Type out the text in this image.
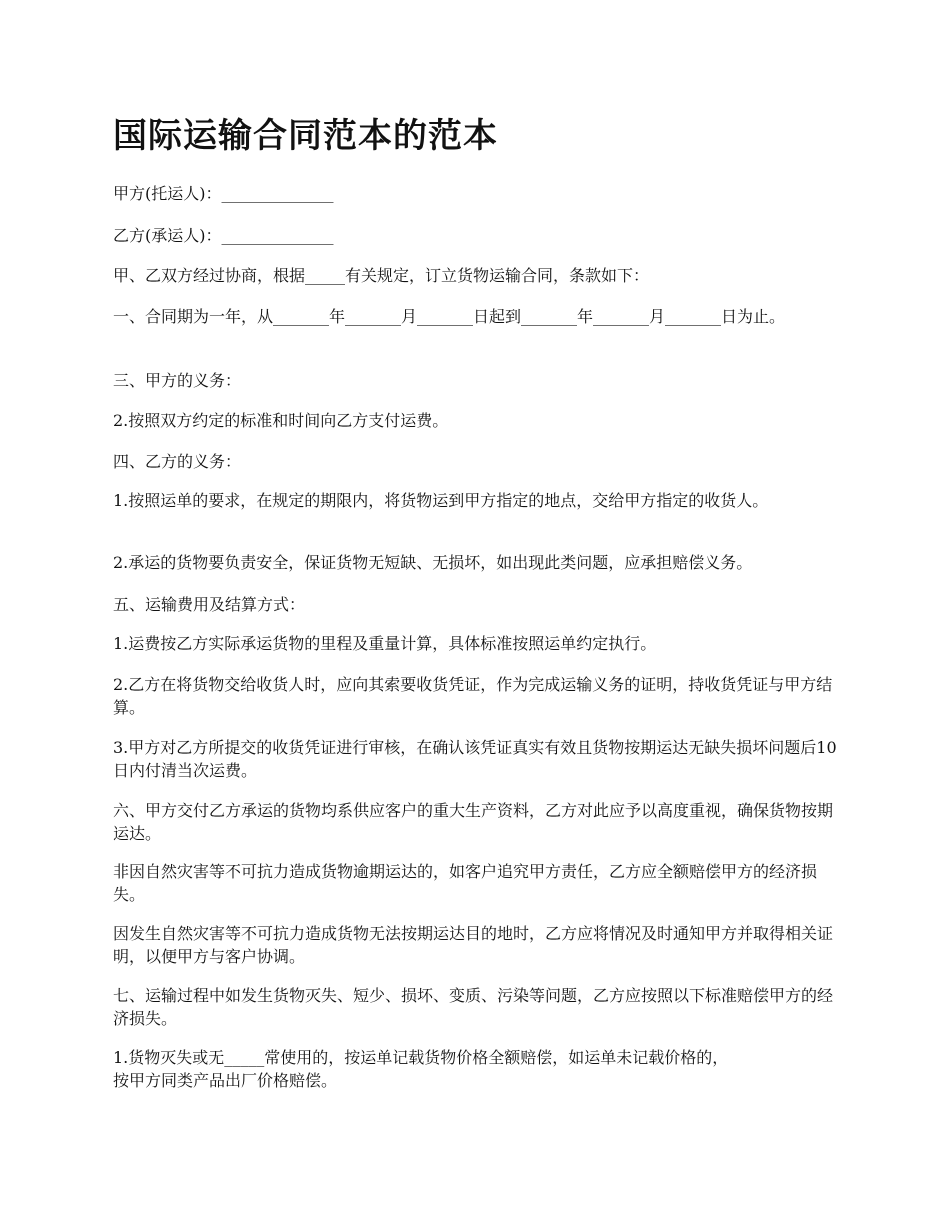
国际运输合同范本的范本

甲方(托运人)：______________

乙方(承运人)：______________

甲、乙双方经过协商，根据_____有关规定，订立货物运输合同，条款如下：

一、合同期为一年，从_______年_______月_______日起到_______年_______月_______日为止。

三、甲方的义务：

2.按照双方约定的标准和时间向乙方支付运费。

四、乙方的义务：

1.按照运单的要求，在规定的期限内，将货物运到甲方指定的地点，交给甲方指定的收货人。

2.承运的货物要负责安全，保证货物无短缺、无损坏，如出现此类问题，应承担赔偿义务。

五、运输费用及结算方式：

1.运费按乙方实际承运货物的里程及重量计算，具体标准按照运单约定执行。

2.乙方在将货物交给收货人时，应向其索要收货凭证，作为完成运输义务的证明，持收货凭证与甲方结算。

3.甲方对乙方所提交的收货凭证进行审核，在确认该凭证真实有效且货物按期运达无缺失损坏问题后10日内付清当次运费。

六、甲方交付乙方承运的货物均系供应客户的重大生产资料，乙方对此应予以高度重视，确保货物按期运达。

非因自然灾害等不可抗力造成货物逾期运达的，如客户追究甲方责任，乙方应全额赔偿甲方的经济损失。

因发生自然灾害等不可抗力造成货物无法按期运达目的地时，乙方应将情况及时通知甲方并取得相关证明，以便甲方与客户协调。

七、运输过程中如发生货物灭失、短少、损坏、变质、污染等问题，乙方应按照以下标准赔偿甲方的经济损失。

1.货物灭失或无_____常使用的，按运单记载货物价格全额赔偿，如运单未记载价格的，
按甲方同类产品出厂价格赔偿。
